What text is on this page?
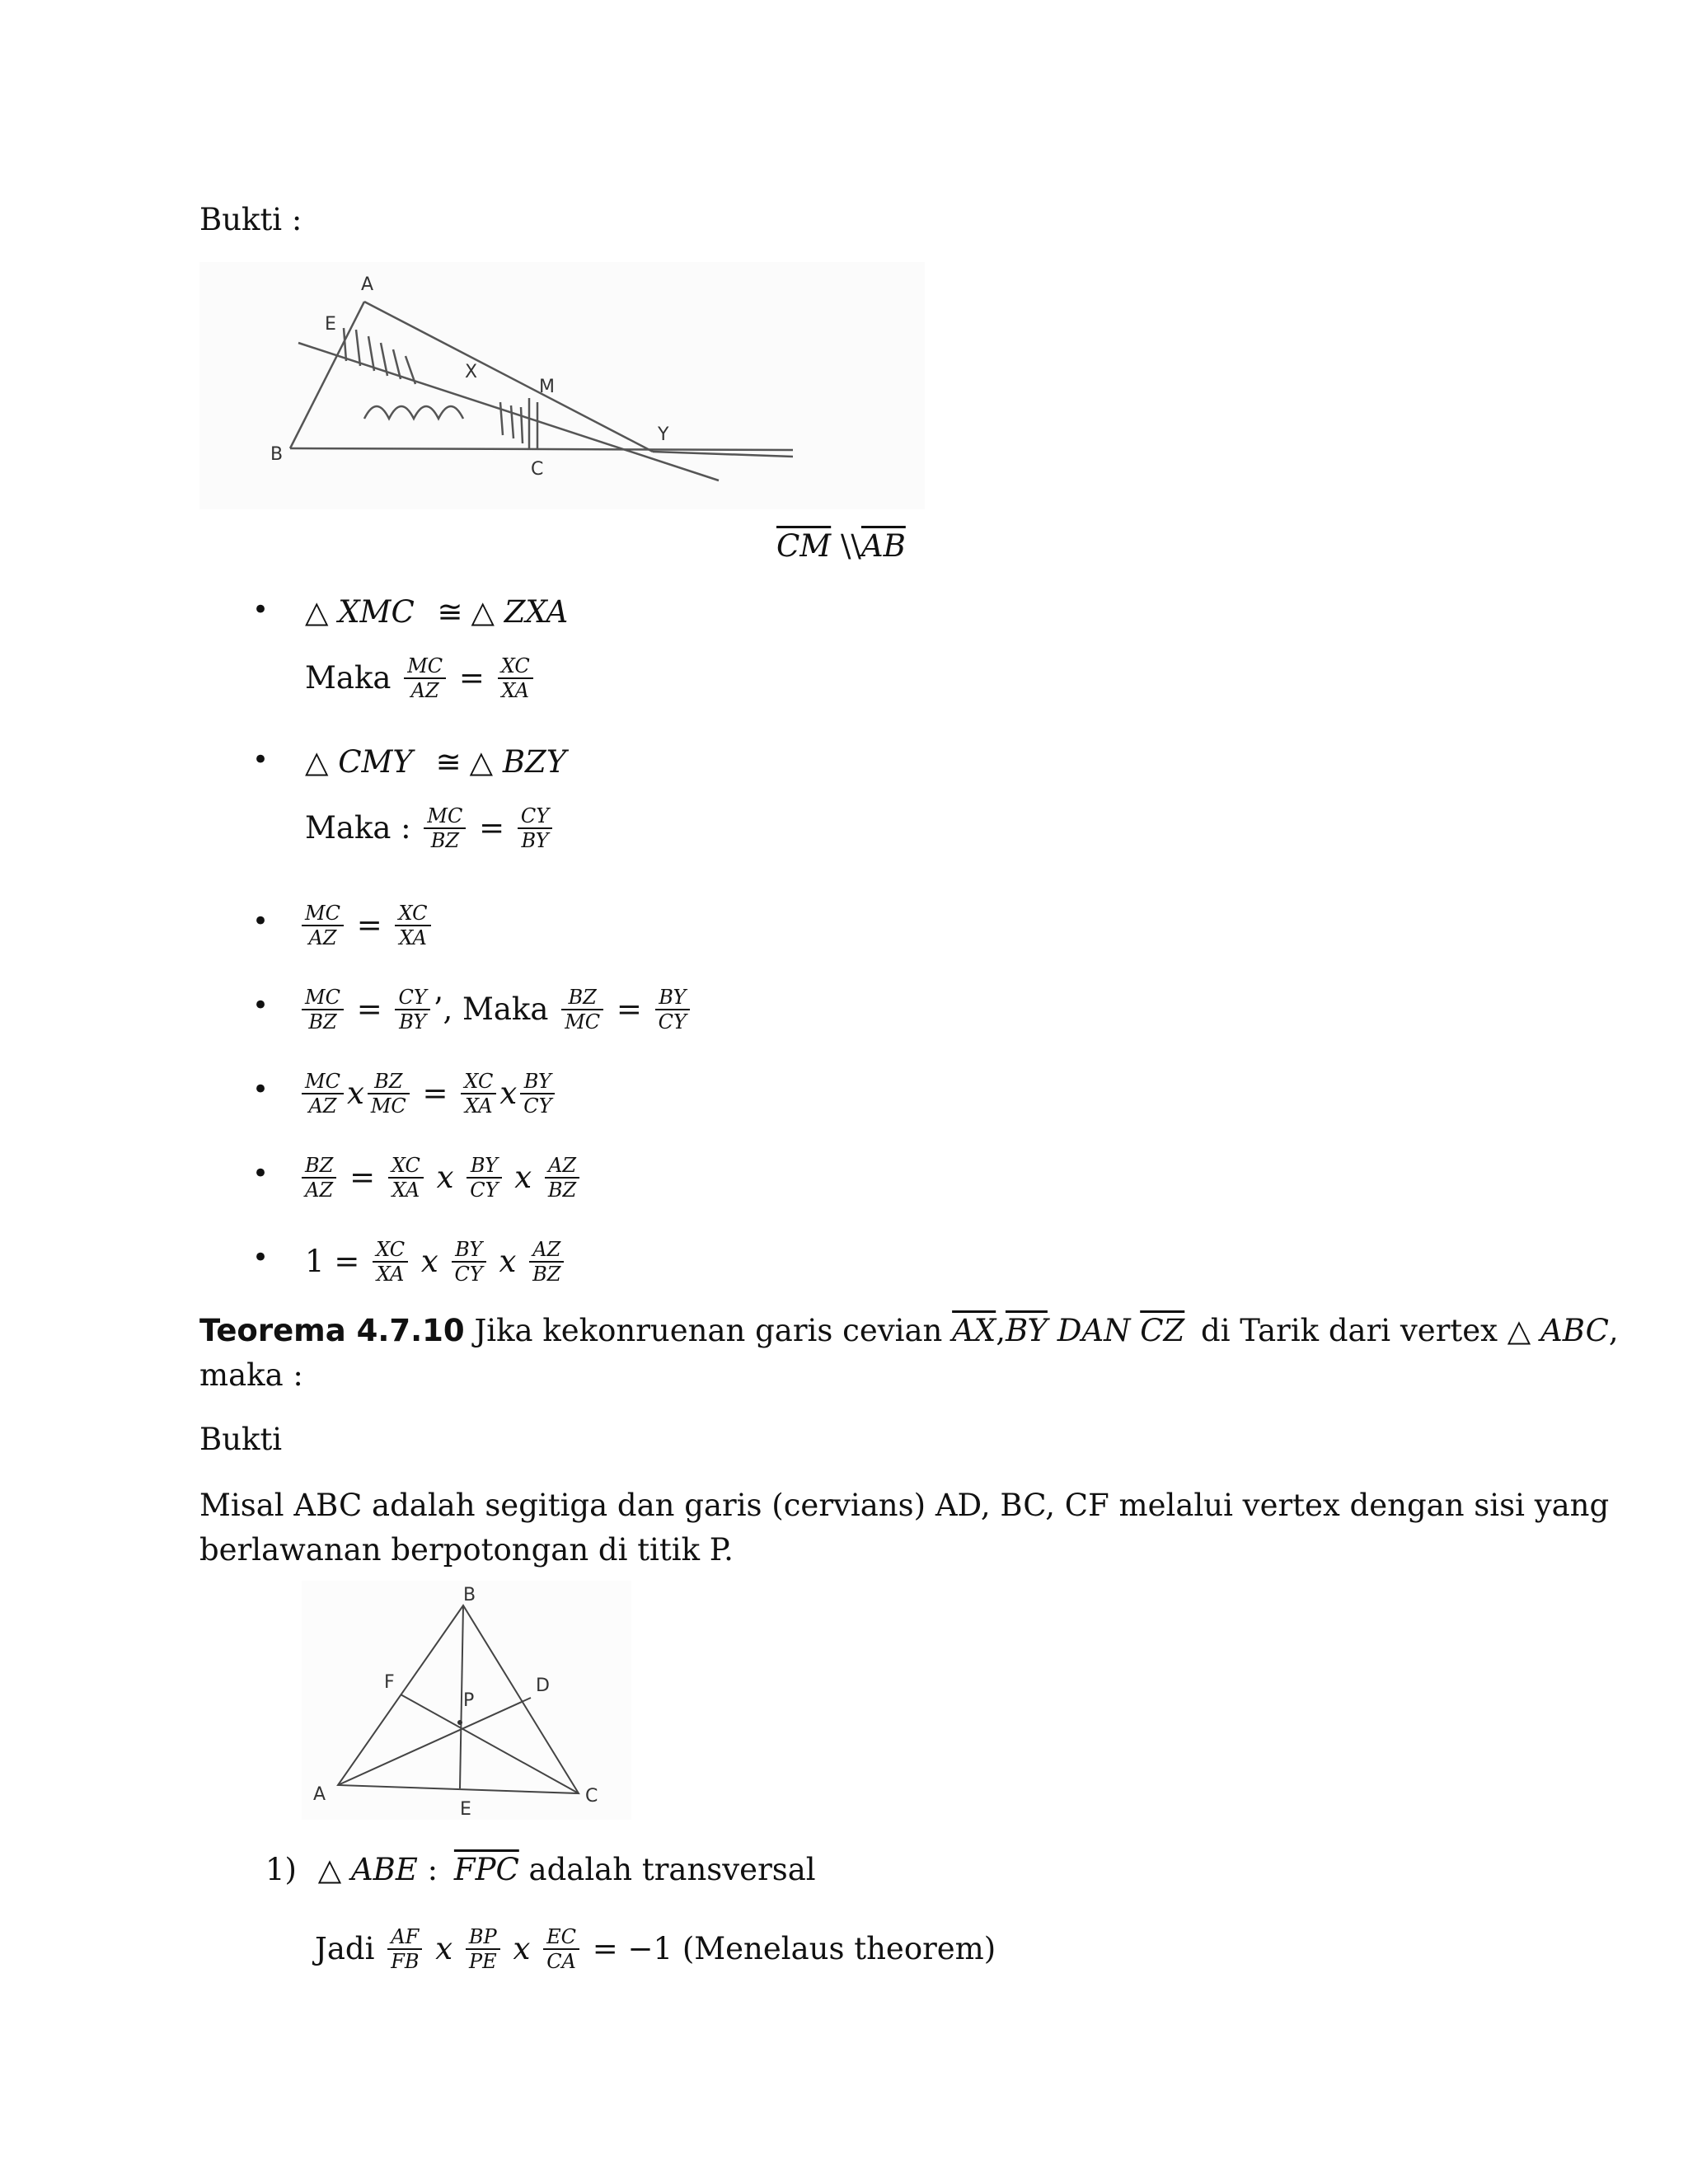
Bukti :
A
E
X
M
Y
B
C
$\overline{CM}$ $\backslash\backslash\overline{AB}$
• △ XMC ≅ △ ZXA
Maka $\frac{MC}{AZ} = \frac{XC}{XA}$
• △ CMY ≅ △ BZY
Maka : $\frac{MC}{BZ} = \frac{CY}{BY}$
• $\frac{MC}{AZ} = \frac{XC}{XA}$
• $\frac{MC}{BZ} = \frac{CY}{BY}$ ’, Maka $\frac{BZ}{MC} = \frac{BY}{CY}$
• $\frac{MC}{AZ}$ x $\frac{BZ}{MC} = \frac{XC}{XA}$ x $\frac{BY}{CY}$
• $\frac{BZ}{AZ} = \frac{XC}{XA}$ x $\frac{BY}{CY}$ x $\frac{AZ}{BZ}$
• $1 = \frac{XC}{XA}$ x $\frac{BY}{CY}$ x $\frac{AZ}{BZ}$
Teorema 4.7.10 Jika kekonruenan garis cevian $\overline{AX},\overline{BY}$ DAN $\overline{CZ}$ di Tarik dari vertex △ ABC,
maka :
Bukti
Misal ABC adalah segitiga dan garis (cervians) AD, BC, CF melalui vertex dengan sisi yang
berlawanan berpotongan di titik P.
B
F	D
P
A
E
C
1) △ ABE : $\overline{FPC}$ adalah transversal
Jadi $\frac{AF}{FB}$ x $\frac{BP}{PE}$ x $\frac{EC}{CA} = -1$ (Menelaus theorem)
